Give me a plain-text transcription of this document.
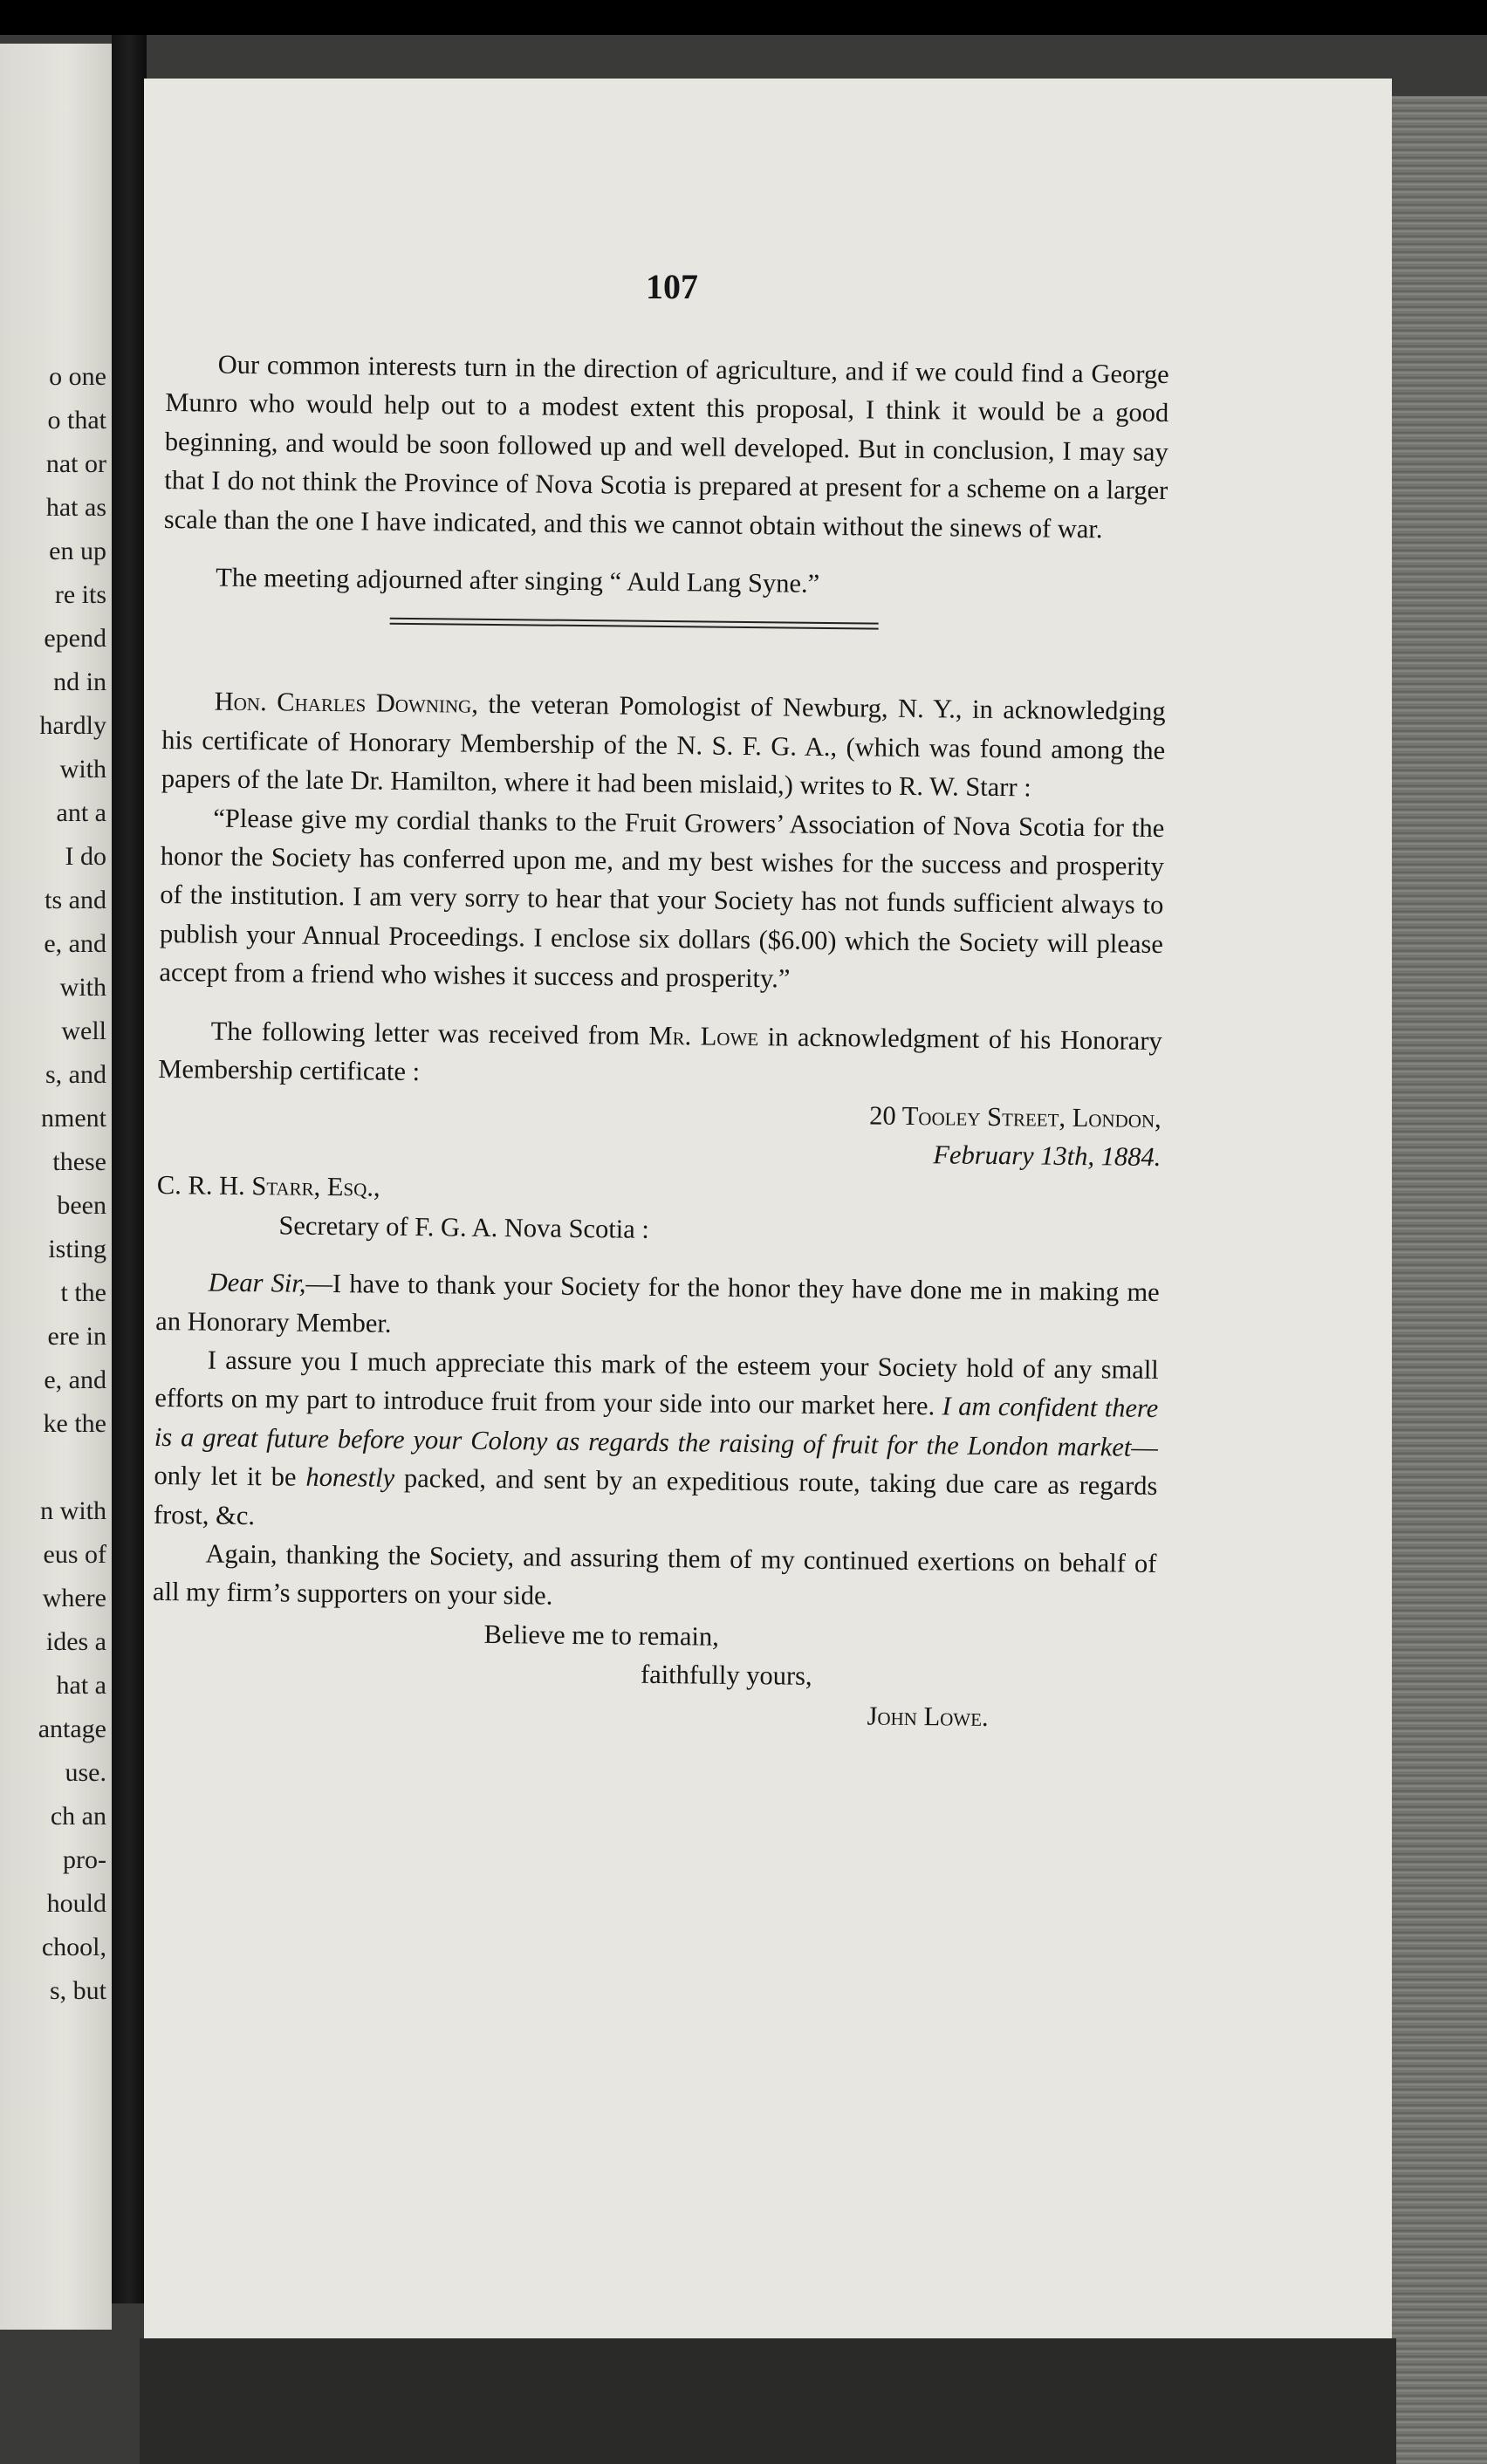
o one
o that
nat or
hat as
en up
re its
epend
nd in
hardly
with
ant a
I do
ts and
e, and
with
well
s, and
nment
these
been
isting
t the
ere in
e, and
ke the
n with
eus of
where
ides a
hat a
antage
use.
ch an
pro-
hould
chool,
s, but
107

Our common interests turn in the direction of agriculture, and if we could find a George Munro who would help out to a modest extent this proposal, I think it would be a good beginning, and would be soon followed up and well developed. But in conclusion, I may say that I do not think the Province of Nova Scotia is prepared at present for a scheme on a larger scale than the one I have indicated, and this we cannot obtain without the sinews of war.

The meeting adjourned after singing “ Auld Lang Syne.”

Hon. Charles Downing, the veteran Pomologist of Newburg, N. Y., in acknowledging his certificate of Honorary Membership of the N. S. F. G. A., (which was found among the papers of the late Dr. Hamilton, where it had been mislaid,) writes to R. W. Starr :

“Please give my cordial thanks to the Fruit Growers’ Association of Nova Scotia for the honor the Society has conferred upon me, and my best wishes for the success and prosperity of the institution. I am very sorry to hear that your Society has not funds sufficient always to publish your Annual Proceedings. I enclose six dollars ($6.00) which the Society will please accept from a friend who wishes it success and prosperity.”

The following letter was received from Mr. Lowe in acknowledgment of his Honorary Membership certificate :

20 Tooley Street, London,

February 13th, 1884.

C. R. H. Starr, Esq.,

Secretary of F. G. A. Nova Scotia :

Dear Sir,—I have to thank your Society for the honor they have done me in making me an Honorary Member.

I assure you I much appreciate this mark of the esteem your Society hold of any small efforts on my part to introduce fruit from your side into our market here. I am confident there is a great future before your Colony as regards the raising of fruit for the London market—only let it be honestly packed, and sent by an expeditious route, taking due care as regards frost, &c.

Again, thanking the Society, and assuring them of my continued exertions on behalf of all my firm’s supporters on your side.

Believe me to remain,

faithfully yours,

John Lowe.
